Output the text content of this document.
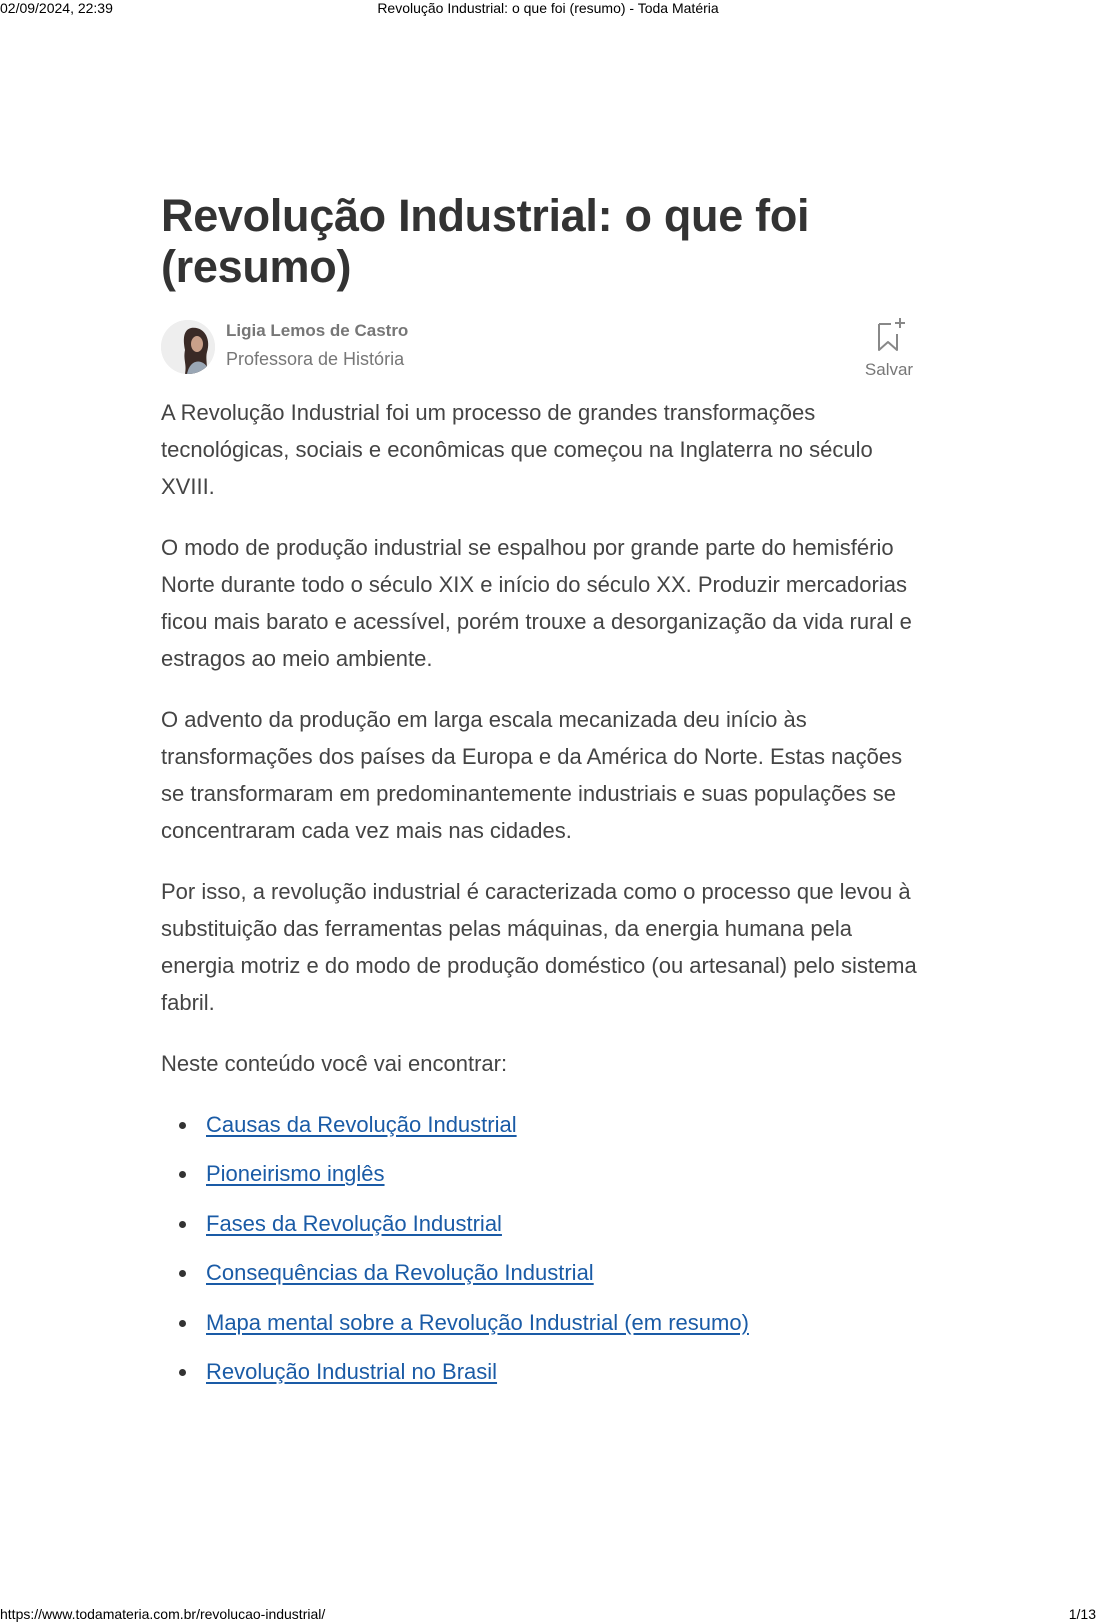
02/09/2024, 22:39	Revolução Industrial: o que foi (resumo) - Toda Matéria
Revolução Industrial: o que foi
(resumo)
Ligia Lemos de Castro
Professora de História
Salvar

A Revolução Industrial foi um processo de grandes transformações tecnológicas, sociais e econômicas que começou na Inglaterra no século XVIII.

O modo de produção industrial se espalhou por grande parte do hemisfério Norte durante todo o século XIX e início do século XX. Produzir mercadorias ficou mais barato e acessível, porém trouxe a desorganização da vida rural e estragos ao meio ambiente.

O advento da produção em larga escala mecanizada deu início às transformações dos países da Europa e da América do Norte. Estas nações se transformaram em predominantemente industriais e suas populações se concentraram cada vez mais nas cidades.

Por isso, a revolução industrial é caracterizada como o processo que levou à substituição das ferramentas pelas máquinas, da energia humana pela energia motriz e do modo de produção doméstico (ou artesanal) pelo sistema fabril.

Neste conteúdo você vai encontrar:

Causas da Revolução Industrial
Pioneirismo inglês
Fases da Revolução Industrial
Consequências da Revolução Industrial
Mapa mental sobre a Revolução Industrial (em resumo)
Revolução Industrial no Brasil
https://www.todamateria.com.br/revolucao-industrial/	1/13
